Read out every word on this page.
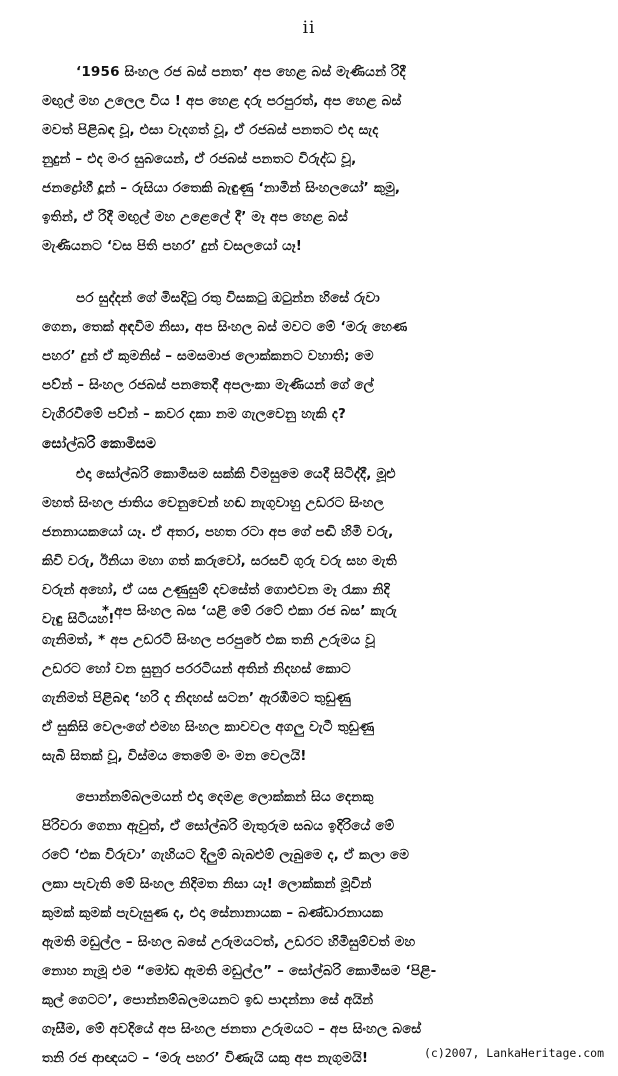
ii
‘1956 සිංහල රජ බස් පනත’ අප හෙළ බස් මැණියන් රිදී
මඟුල් මහ උලෙල විය ! අප හෙළ දරු පරපුරත්, අප හෙළ බස්
මවත් පිළිබඳ වූ, එසා වැදගත් වූ, ඒ රජබස් පනතට එද සැද
නුදුන් – එද මංර සුබයෙන්, ඒ රජබස් පනතට විරුද්ධ වූ,
ජනද්‍රෝහී දූන් – රුසියා රතෙකි බැඳුණු ‘නාමින් සිංහලයෝ’ කුමු,
ඉතින්, ඒ රිදී මඟුල් මහ උළෙලේ දී’ මෑ අප හෙළ බස්
මැණියනට ‘වස පිති පහර’ දුන් වසලයෝ යෑ!
පර සුද්දන් ගේ මිසදිටු රතු විසකටු ඔටුන්න හිසේ රුවා
ගෙන, තෙක් අඳවිම නිසා, අප සිංහල බස් මවට මේ ‘මරු හෙණ
පහර’ දුන් ඒ කුමනිස් – සමසමාජ ලොක්කනට වහාති; මෙ
පව්න් – සිංහල රජබස් පනතෙදී අපලංකා මැණියන් ගේ ලේ
වැගිරවීමේ පව්න් – කවර දකා නම ගැලවෙනු හැකි ද?
සෝල්බරි කොමිසම
එදා සෝල්බරි කොමිසම සක්කි විමසුමෙ යෙදී සිටිද්දී, මූළු
මහත් සිංහල ජාතිය වෙනුවෙන් හඬ නැගුවාහු උඩරට සිංහල
ජනනායකයෝ යෑ. ඒ අතර, පහත රටා අප ගේ පඬි හිමි වරු,
කිවි වරු, ඊනියා මහා ගත් කරුවෝ, සරසවි ගුරු වරු සහ මැති
වරුන් අහෝ, ඒ යස උණුසුම් දවසේත් ගොළුවන මෑ රැකා නිදි
වැඳු සිටියහ!
* අප සිංහල බස ‘යළි මේ රටේ එකා රජ බස’ කැරු
ගැනිමත්, * අප උඩරටි සිංහල පරපුරේ එක තනි උරුමය වූ
උඩරට හෝ වන සුනුර පරරටියන් අතින් නිදහස් කොට
ගැනිමත් පිළිබඳ ‘හරි ද නිදහස් සටන’ ඇරඹීමට තුඩුණු
ඒ සුකිසි වෙලංගේ එමහ සිංහල කාවවල අගලු වැටී තුඩුණු
සැබි සිතක් වූ, විස්මය තෙමේ මං මන වෙලයි!
පොන්නම්බලමයන් එදා දෙමළ ලොක්කන් සිය දෙනකු
පිරිවරා ගෙනා ඇවුත්, ඒ සෝල්බරි මැතුරුම සබය ඉදිරියේ මේ
රටේ ‘එක විරුවා’ ගැහියට දිලුම් බැබළුම් ලැබුමෙ ද, ඒ කලා මෙ
ලකා පැවැති මේ සිංහල නිදිමත නිසා යෑ! ලොක්කන් මූවින්
කුමක් කුමක් පැවැසුණ ද, එදා සේනානායක – බණ්ඩාරනායක
ඇමති මඩුල්ල – සිංහල බසේ උරුමයටත්, උඩරට හිමිසුම්වත් මහ
නොහ නැමූ එම “මෝඩ ඇමති මඩුල්ල” – සෝල්බරි කොමිසම ‘පිළි-
කුල් ගෙටට’, පොන්නම්බලමයනට ඉඩ පාදන්නා සේ අයින්
ගෑසීම, මේ අවදියේ අප සිංහල ජනතා උරුමයට – අප සිංහල බසේ
තනි රජ ආඥයට – ‘මරු පහර’ විණැයි යකු අප නැගුමයි!	(c)2007, LankaHeritage.com
